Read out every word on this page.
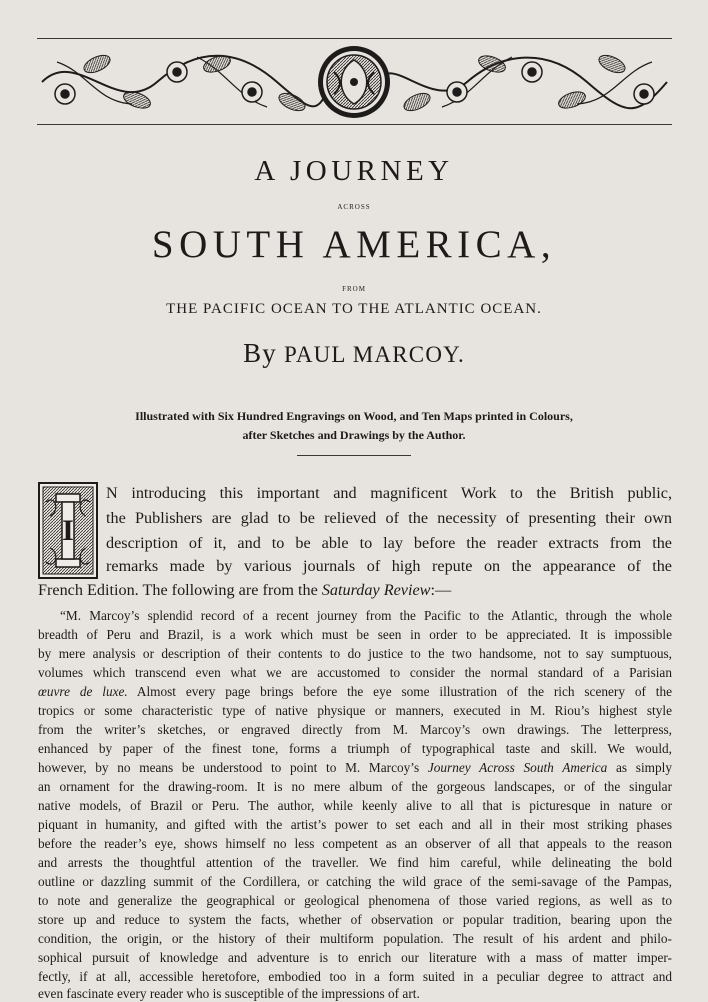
A JOURNEY
ACROSS
SOUTH AMERICA,
FROM
THE PACIFIC OCEAN TO THE ATLANTIC OCEAN.
By PAUL MARCOY.
Illustrated with Six Hundred Engravings on Wood, and Ten Maps printed in Colours,
after Sketches and Drawings by the Author.
I
N introducing this important and magnificent Work to the British public,
the Publishers are glad to be relieved of the necessity of presenting their own
description of it, and to be able to lay before the reader extracts from the
remarks made by various journals of high repute on the appearance of the
French Edition. The following are from the Saturday Review:—
“M. Marcoy’s splendid record of a recent journey from the Pacific to the Atlantic, through the whole
breadth of Peru and Brazil, is a work which must be seen in order to be appreciated. It is impossible
by mere analysis or description of their contents to do justice to the two handsome, not to say sumptuous,
volumes which transcend even what we are accustomed to consider the normal standard of a Parisian
œuvre de luxe. Almost every page brings before the eye some illustration of the rich scenery of the
tropics or some characteristic type of native physique or manners, executed in M. Riou’s highest style
from the writer’s sketches, or engraved directly from M. Marcoy’s own drawings. The letterpress,
enhanced by paper of the finest tone, forms a triumph of typographical taste and skill. We would,
however, by no means be understood to point to M. Marcoy’s Journey Across South America as simply
an ornament for the drawing-room. It is no mere album of the gorgeous landscapes, or of the singular
native models, of Brazil or Peru. The author, while keenly alive to all that is picturesque in nature or
piquant in humanity, and gifted with the artist’s power to set each and all in their most striking phases
before the reader’s eye, shows himself no less competent as an observer of all that appeals to the reason
and arrests the thoughtful attention of the traveller. We find him careful, while delineating the bold
outline or dazzling summit of the Cordillera, or catching the wild grace of the semi-savage of the Pampas,
to note and generalize the geographical or geological phenomena of those varied regions, as well as to
store up and reduce to system the facts, whether of observation or popular tradition, bearing upon the
condition, the origin, or the history of their multiform population. The result of his ardent and philo-
sophical pursuit of knowledge and adventure is to enrich our literature with a mass of matter imper-
fectly, if at all, accessible heretofore, embodied too in a form suited in a peculiar degree to attract and
even fascinate every reader who is susceptible of the impressions of art.
